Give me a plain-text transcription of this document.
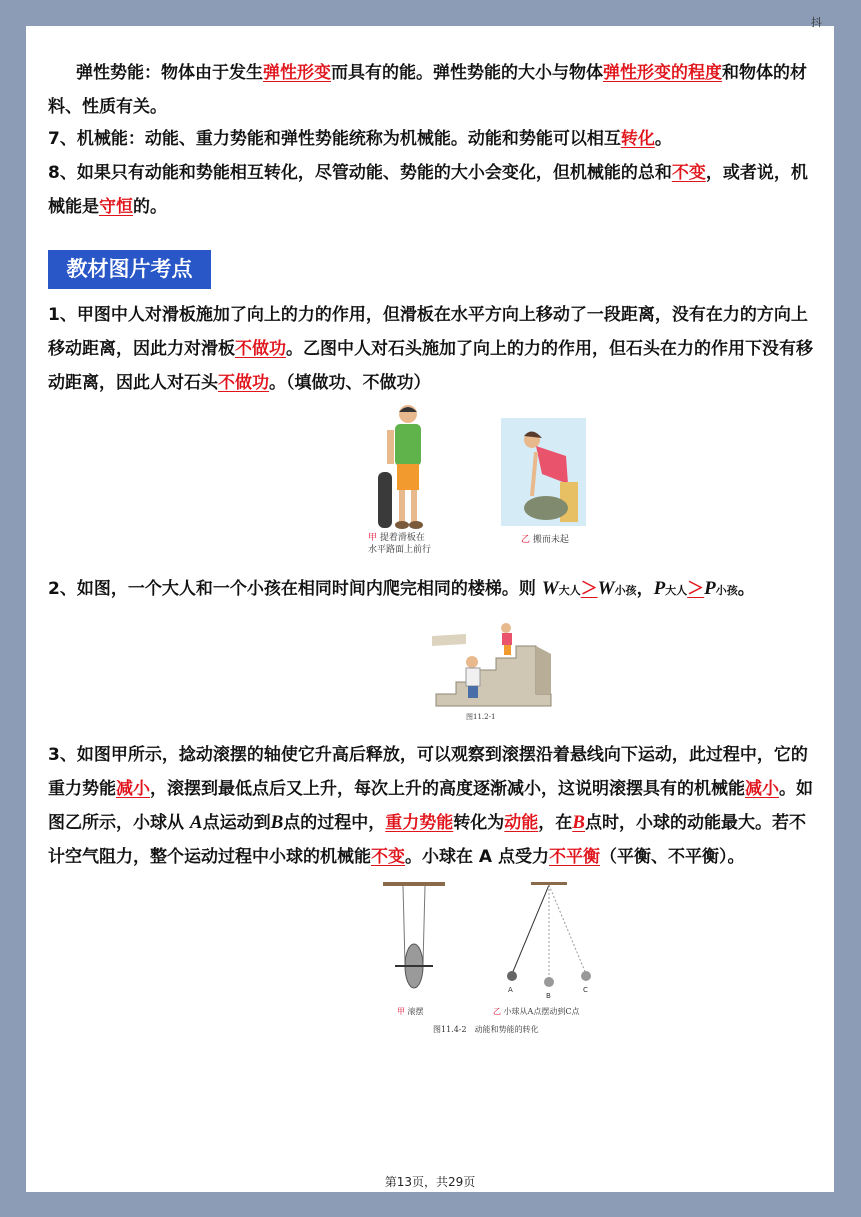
抖
弹性势能：物体由于发生弹性形变而具有的能。弹性势能的大小与物体弹性形变的程度和物体的材料、性质有关。
7、机械能：动能、重力势能和弹性势能统称为机械能。动能和势能可以相互转化。
8、如果只有动能和势能相互转化，尽管动能、势能的大小会变化，但机械能的总和不变，或者说，机械能是守恒的。
教材图片考点
1、甲图中人对滑板施加了向上的力的作用，但滑板在水平方向上移动了一段距离，没有在力的方向上移动距离，因此力对滑板不做功。乙图中人对石头施加了向上的力的作用，但石头在力的作用下没有移动距离，因此人对石头不做功。（填做功、不做功）
甲 提着滑板在
水平路面上前行
乙 搬而未起
2、如图，一个大人和一个小孩在相同时间内爬完相同的楼梯。则 W大人＞W小孩，P大人＞P小孩。
图11.2-1
3、如图甲所示，捻动滚摆的轴使它升高后释放，可以观察到滚摆沿着悬线向下运动，此过程中，它的重力势能减小，滚摆到最低点后又上升，每次上升的高度逐渐减小，这说明滚摆具有的机械能减小。如图乙所示，小球从 A点运动到B点的过程中，重力势能转化为动能，在B点时，小球的动能最大。若不计空气阻力，整个运动过程中小球的机械能不变。小球在 A 点受力不平衡（平衡、不平衡）。
A
B
C
甲 滚摆	乙 小球从A点摆动到C点
图11.4-2　动能和势能的转化
第13页，共29页
